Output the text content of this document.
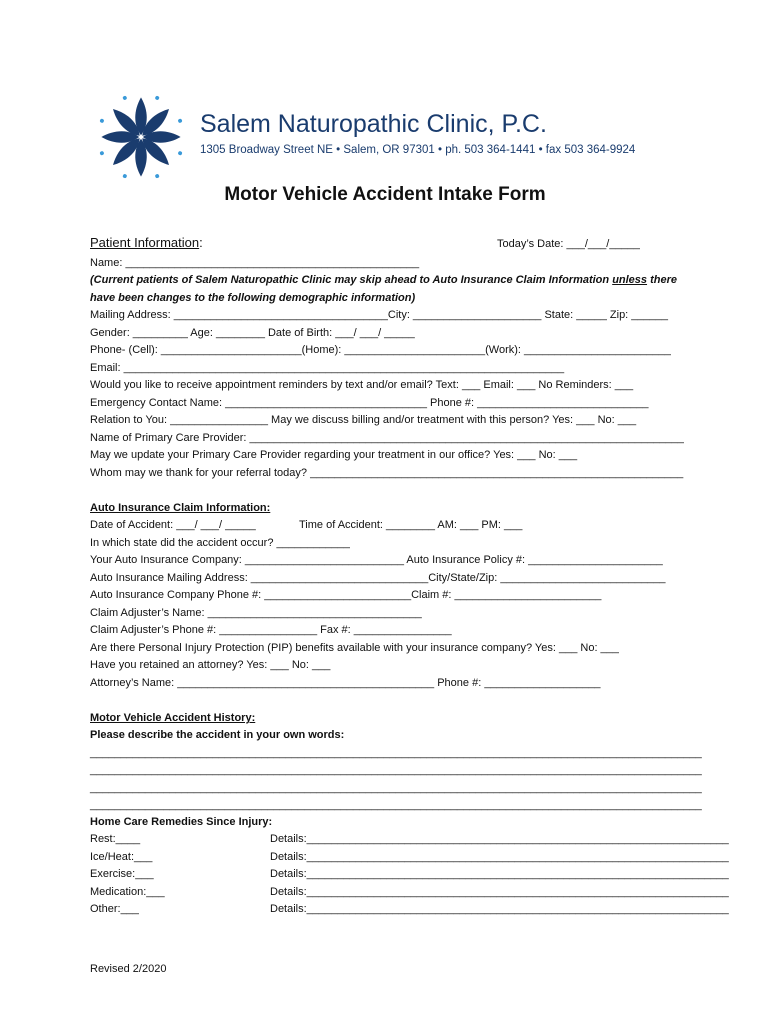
Salem Naturopathic Clinic, P.C.
1305 Broadway Street NE • Salem, OR 97301 • ph. 503 364-1441 • fax 503 364-9924
Motor Vehicle Accident Intake Form
Patient Information:	Today’s Date: ___/___/_____
Name: ________________________________________________
(Current patients of Salem Naturopathic Clinic may skip ahead to Auto Insurance Claim Information unless there
have been changes to the following demographic information)
Mailing Address: ___________________________________City: _____________________ State: _____ Zip: ______
Gender: _________ Age: ________ Date of Birth: ___/ ___/ _____
Phone- (Cell): _______________________(Home): _______________________(Work): ________________________
Email: ________________________________________________________________________
Would you like to receive appointment reminders by text and/or email? Text: ___ Email: ___ No Reminders: ___
Emergency Contact Name: _________________________________ Phone #: ____________________________
Relation to You: ________________ May we discuss billing and/or treatment with this person? Yes: ___ No: ___
Name of Primary Care Provider: _______________________________________________________________________
May we update your Primary Care Provider regarding your treatment in our office? Yes: ___ No: ___
Whom may we thank for your referral today? _____________________________________________________________
Auto Insurance Claim Information:
Date of Accident: ___/ ___/ _____	Time of Accident: ________ AM: ___ PM: ___
In which state did the accident occur? ____________
Your Auto Insurance Company: __________________________ Auto Insurance Policy #: ______________________
Auto Insurance Mailing Address: _____________________________City/State/Zip: ___________________________
Auto Insurance Company Phone #: ________________________Claim #: ________________________
Claim Adjuster’s Name: ___________________________________
Claim Adjuster’s Phone #: ________________ Fax #: ________________
Are there Personal Injury Protection (PIP) benefits available with your insurance company? Yes: ___ No: ___
Have you retained an attorney? Yes: ___ No: ___
Attorney’s Name: __________________________________________ Phone #: ___________________
Motor Vehicle Accident History:
Please describe the accident in your own words:
____________________________________________________________________________________________________
____________________________________________________________________________________________________
____________________________________________________________________________________________________
____________________________________________________________________________________________________
Home Care Remedies Since Injury:
Rest:____	Details:_____________________________________________________________________
Ice/Heat:___	Details:_____________________________________________________________________
Exercise:___	Details:_____________________________________________________________________
Medication:___	Details:_____________________________________________________________________
Other:___	Details:_____________________________________________________________________
Revised 2/2020
